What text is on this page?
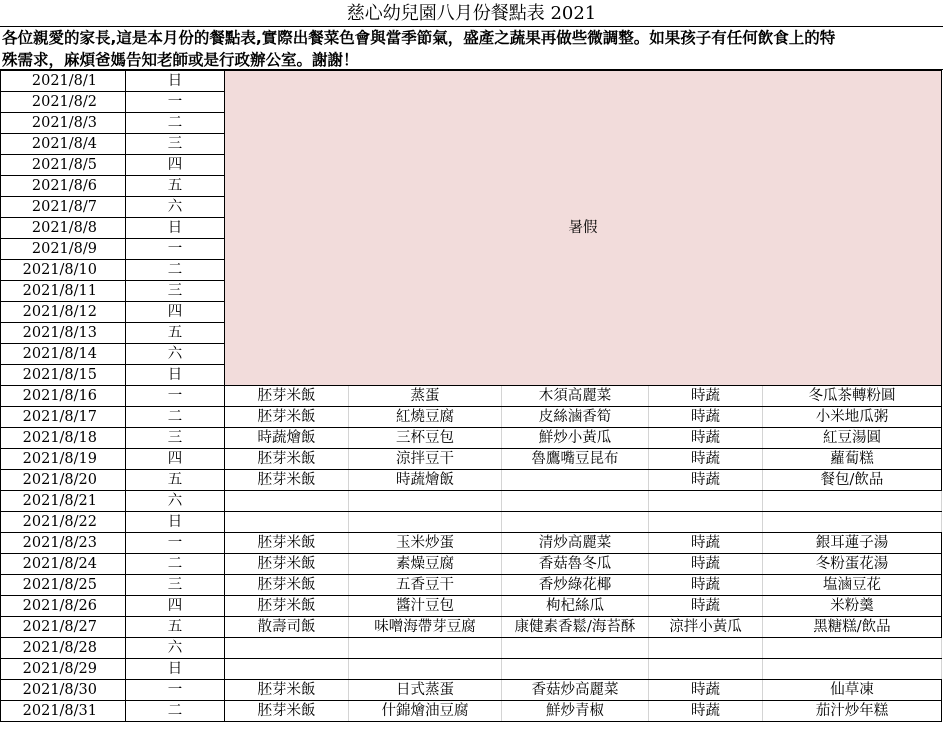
慈心幼兒園八月份餐點表 2021
各位親愛的家長,這是本月份的餐點表,實際出餐菜色會與當季節氣，盛產之蔬果再做些微調整。如果孩子有任何飲食上的特
殊需求，麻煩爸媽告知老師或是行政辦公室。謝謝！
2021/8/1	日	暑假				
2021/8/2	一					
2021/8/3	二					
2021/8/4	三					
2021/8/5	四					
2021/8/6	五					
2021/8/7	六					
2021/8/8	日					
2021/8/9	一					
2021/8/10	二					
2021/8/11	三					
2021/8/12	四					
2021/8/13	五					
2021/8/14	六					
2021/8/15	日					
2021/8/16	一	胚芽米飯	蒸蛋	木須高麗菜	時蔬	冬瓜茶轉粉圓
2021/8/17	二	胚芽米飯	紅燒豆腐	皮絲滷香筍	時蔬	小米地瓜粥
2021/8/18	三	時蔬燴飯	三杯豆包	鮮炒小黃瓜	時蔬	紅豆湯圓
2021/8/19	四	胚芽米飯	涼拌豆干	魯鷹嘴豆昆布	時蔬	蘿蔔糕
2021/8/20	五	胚芽米飯	時蔬燴飯		時蔬	餐包/飲品
2021/8/21	六					
2021/8/22	日					
2021/8/23	一	胚芽米飯	玉米炒蛋	清炒高麗菜	時蔬	銀耳蓮子湯
2021/8/24	二	胚芽米飯	素燥豆腐	香菇魯冬瓜	時蔬	冬粉蛋花湯
2021/8/25	三	胚芽米飯	五香豆干	香炒綠花椰	時蔬	塩滷豆花
2021/8/26	四	胚芽米飯	醬汁豆包	枸杞絲瓜	時蔬	米粉羹
2021/8/27	五	散壽司飯	味噌海帶芽豆腐	康健素香鬆/海苔酥	涼拌小黃瓜	黑糖糕/飲品
2021/8/28	六					
2021/8/29	日					
2021/8/30	一	胚芽米飯	日式蒸蛋	香菇炒高麗菜	時蔬	仙草凍
2021/8/31	二	胚芽米飯	什錦燴油豆腐	鮮炒青椒	時蔬	茄汁炒年糕
